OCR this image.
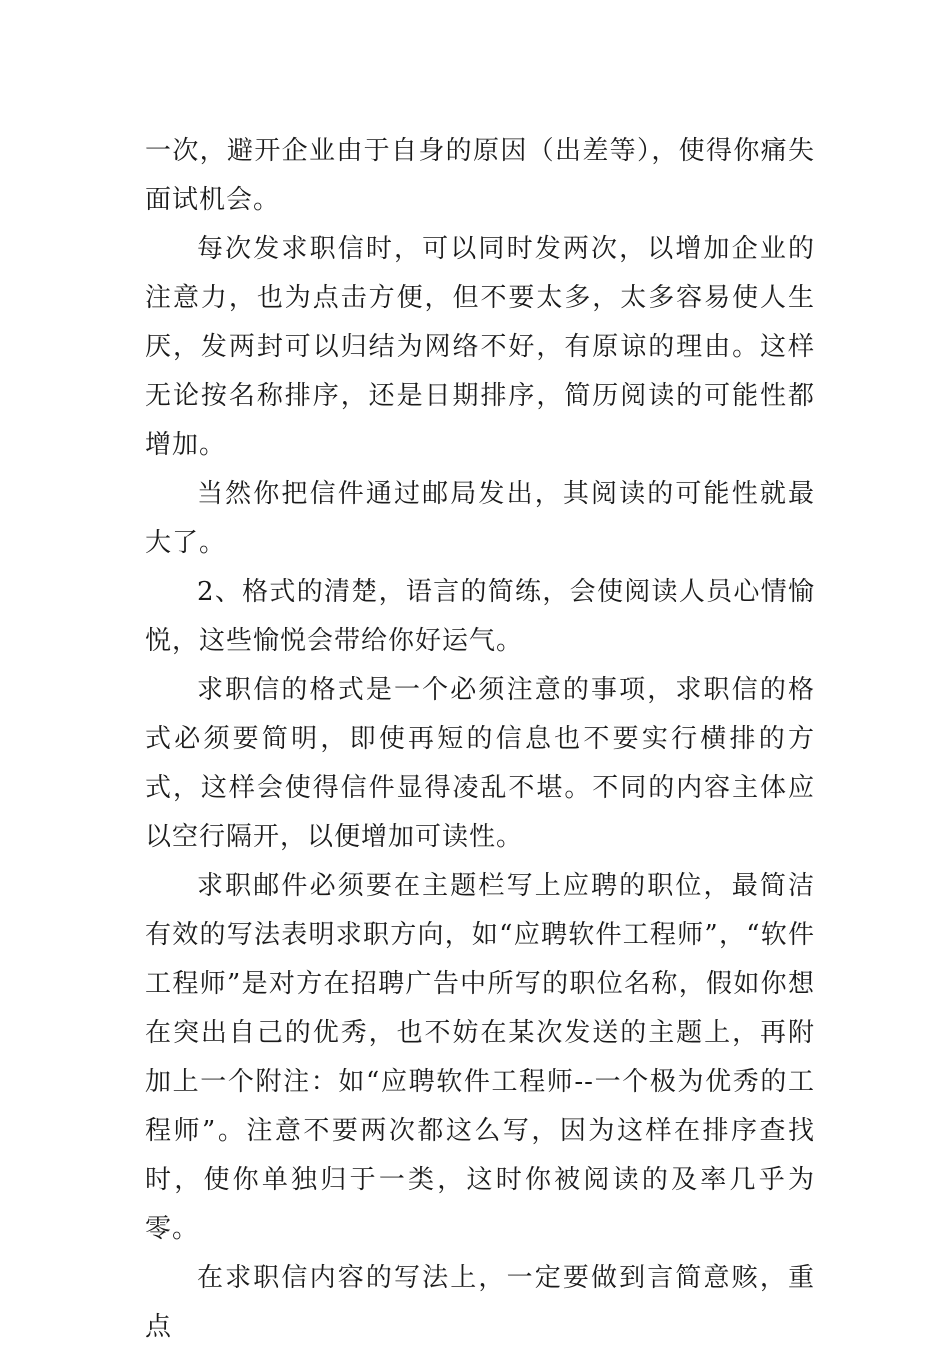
一次，避开企业由于自身的原因（出差等），使得你痛失面试机会。

每次发求职信时，可以同时发两次，以增加企业的注意力，也为点击方便，但不要太多，太多容易使人生厌，发两封可以归结为网络不好，有原谅的理由。这样无论按名称排序，还是日期排序，简历阅读的可能性都增加。

当然你把信件通过邮局发出，其阅读的可能性就最大了。

2、格式的清楚，语言的简练，会使阅读人员心情愉悦，这些愉悦会带给你好运气。

求职信的格式是一个必须注意的事项，求职信的格式必须要简明，即使再短的信息也不要实行横排的方式，这样会使得信件显得凌乱不堪。不同的内容主体应以空行隔开，以便增加可读性。

求职邮件必须要在主题栏写上应聘的职位，最简洁有效的写法表明求职方向，如“应聘软件工程师”，“软件工程师”是对方在招聘广告中所写的职位名称，假如你想在突出自己的优秀，也不妨在某次发送的主题上，再附加上一个附注：如“应聘软件工程师--一个极为优秀的工程师”。注意不要两次都这么写，因为这样在排序查找时，使你单独归于一类，这时你被阅读的及率几乎为零。

在求职信内容的写法上，一定要做到言简意赅，重点
